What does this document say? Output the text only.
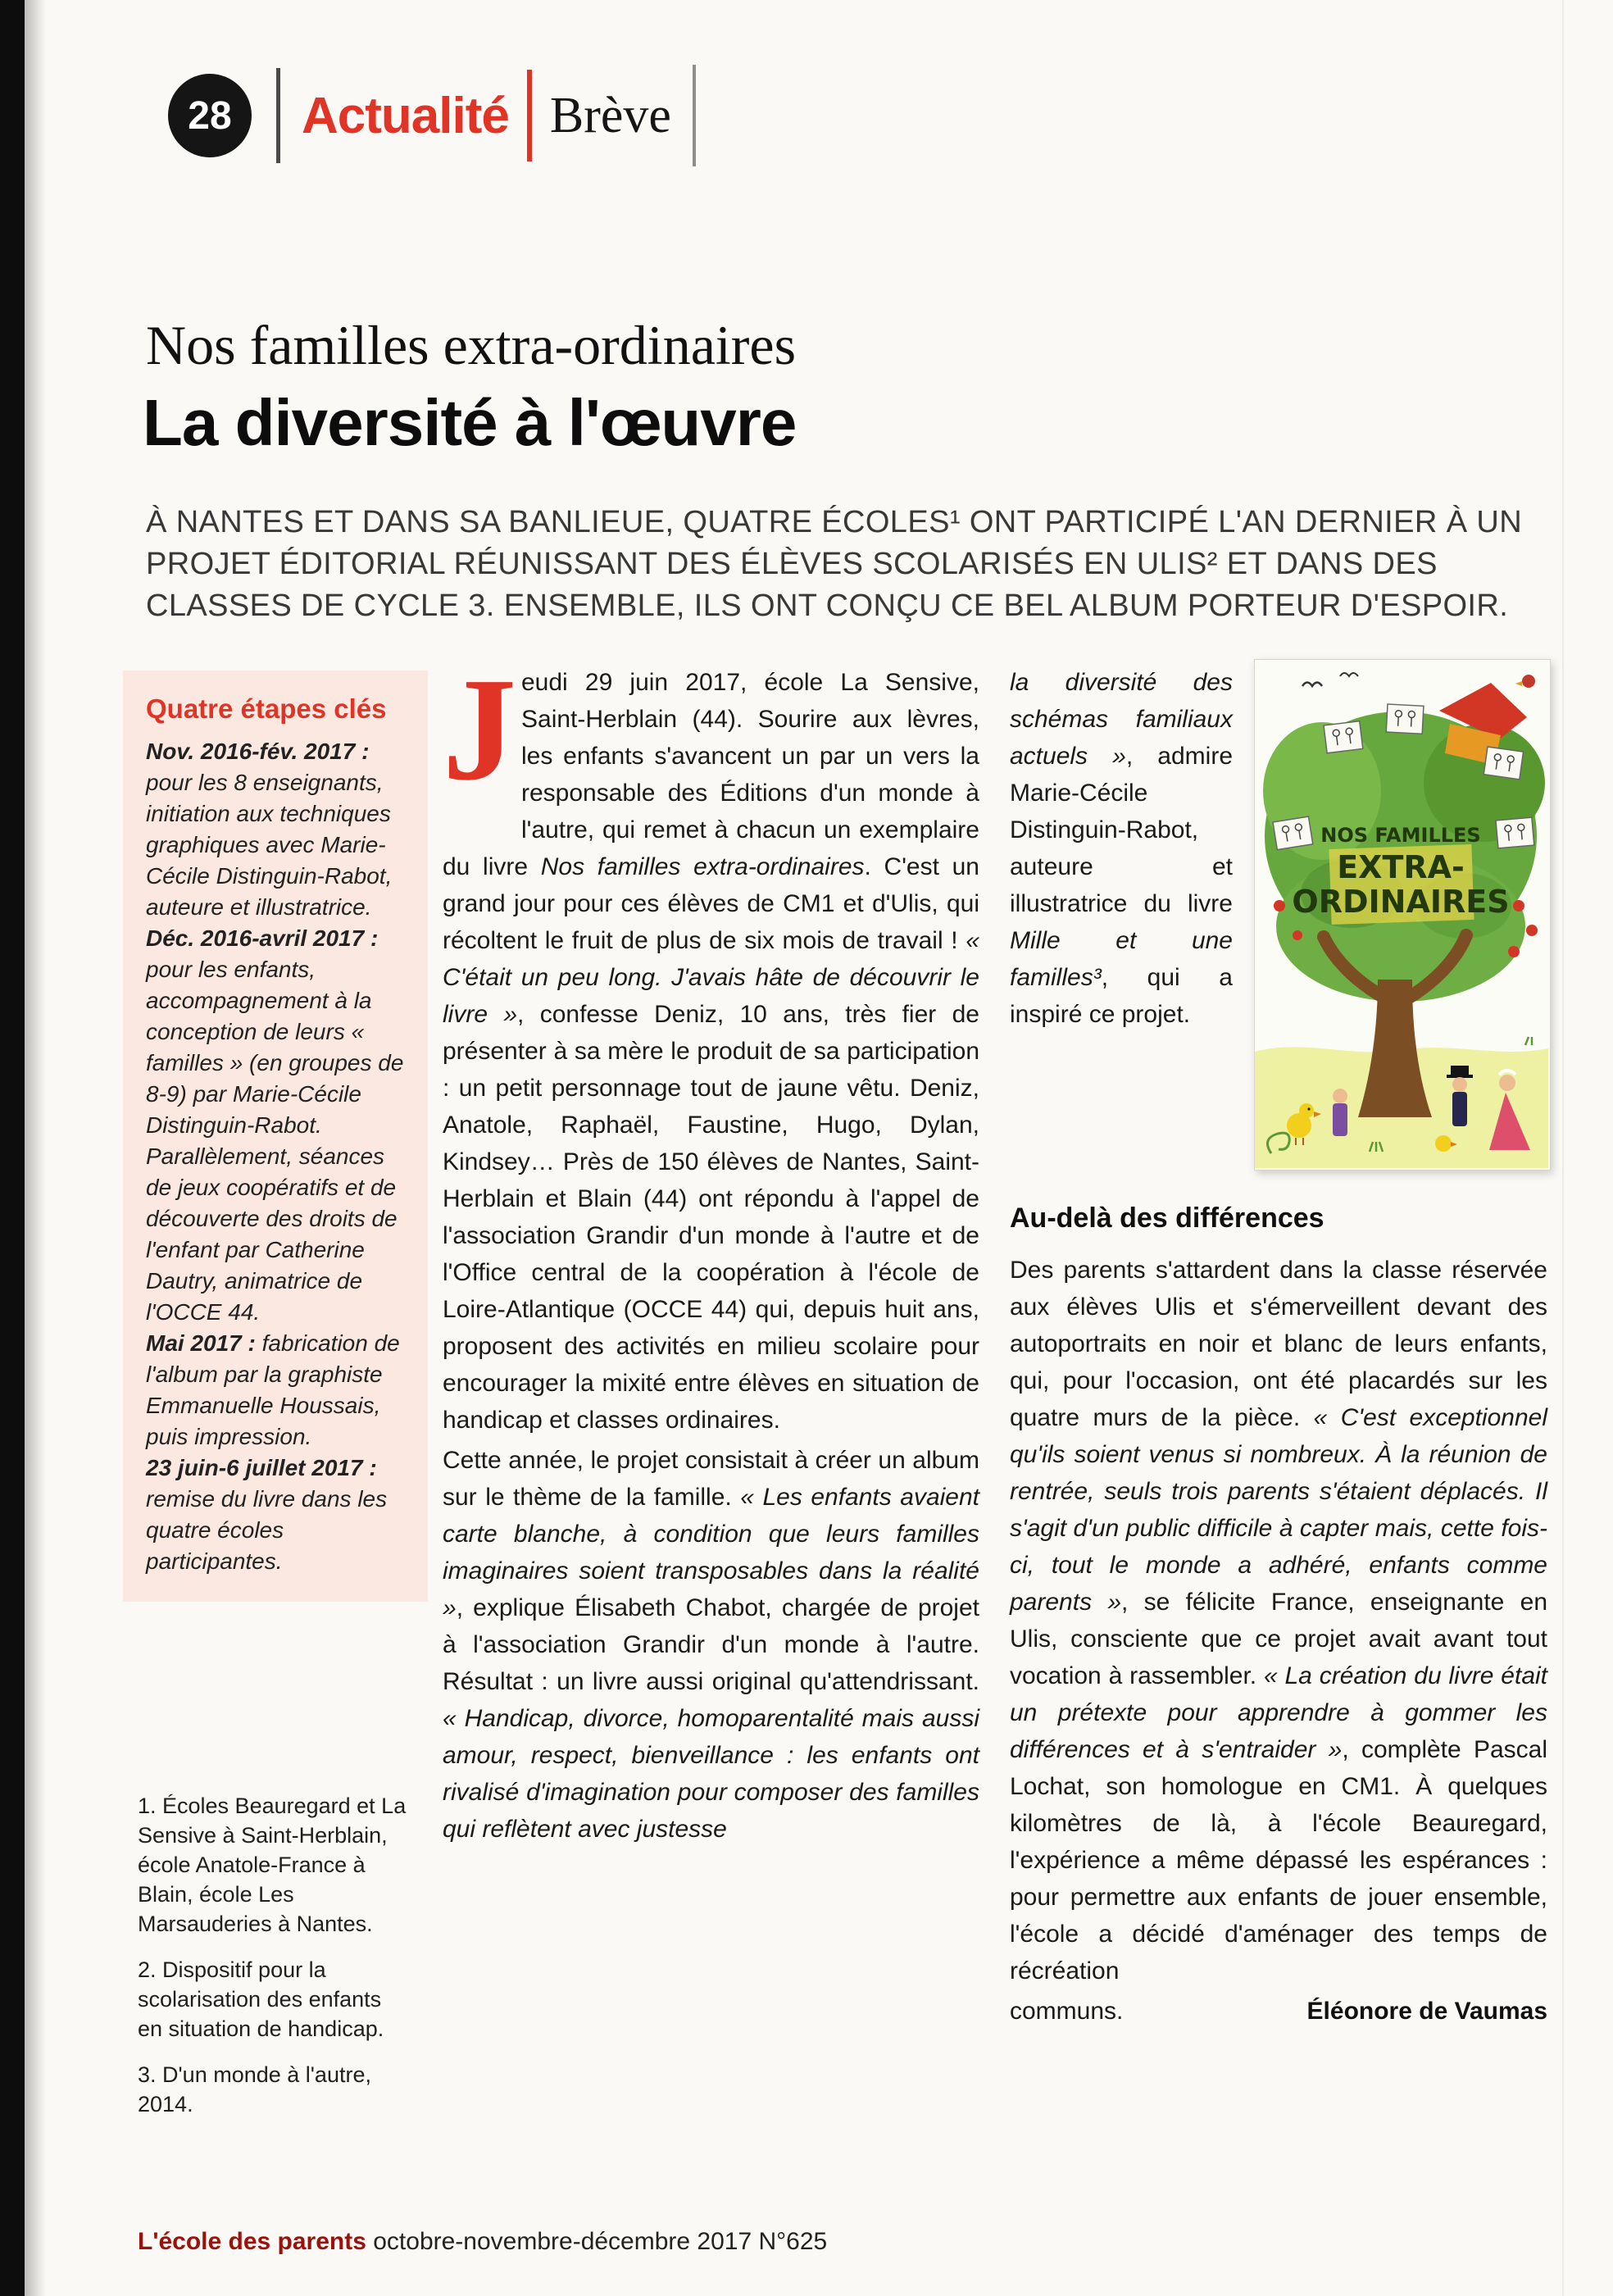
28 Actualité Brève
Nos familles extra-ordinaires
La diversité à l'œuvre
À NANTES ET DANS SA BANLIEUE, QUATRE ÉCOLES¹ ONT PARTICIPÉ L'AN DERNIER À UN PROJET ÉDITORIAL RÉUNISSANT DES ÉLÈVES SCOLARISÉS EN ULIS² ET DANS DES CLASSES DE CYCLE 3. ENSEMBLE, ILS ONT CONÇU CE BEL ALBUM PORTEUR D'ESPOIR.
Quatre étapes clés

Nov. 2016-fév. 2017 : pour les 8 enseignants, initiation aux techniques graphiques avec Marie-Cécile Distinguin-Rabot, auteure et illustratrice.

Déc. 2016-avril 2017 : pour les enfants, accompagnement à la conception de leurs « familles » (en groupes de 8-9) par Marie-Cécile Distinguin-Rabot. Parallèlement, séances de jeux coopératifs et de découverte des droits de l'enfant par Catherine Dautry, animatrice de l'OCCE 44.

Mai 2017 : fabrication de l'album par la graphiste Emmanuelle Houssais, puis impression.

23 juin-6 juillet 2017 : remise du livre dans les quatre écoles participantes.

1. Écoles Beauregard et La Sensive à Saint-Herblain, école Anatole-France à Blain, école Les Marsauderies à Nantes.

2. Dispositif pour la scolarisation des enfants en situation de handicap.

3. D'un monde à l'autre, 2014.

Jeudi 29 juin 2017, école La Sensive, Saint-Herblain (44). Sourire aux lèvres, les enfants s'avancent un par un vers la responsable des Éditions d'un monde à l'autre, qui remet à chacun un exemplaire du livre Nos familles extra-ordinaires. C'est un grand jour pour ces élèves de CM1 et d'Ulis, qui récoltent le fruit de plus de six mois de travail ! « C'était un peu long. J'avais hâte de découvrir le livre », confesse Deniz, 10 ans, très fier de présenter à sa mère le produit de sa participation : un petit personnage tout de jaune vêtu. Deniz, Anatole, Raphaël, Faustine, Hugo, Dylan, Kindsey… Près de 150 élèves de Nantes, Saint-Herblain et Blain (44) ont répondu à l'appel de l'association Grandir d'un monde à l'autre et de l'Office central de la coopération à l'école de Loire-Atlantique (OCCE 44) qui, depuis huit ans, proposent des activités en milieu scolaire pour encourager la mixité entre élèves en situation de handicap et classes ordinaires.

Cette année, le projet consistait à créer un album sur le thème de la famille. « Les enfants avaient carte blanche, à condition que leurs familles imaginaires soient transposables dans la réalité », explique Élisabeth Chabot, chargée de projet à l'association Grandir d'un monde à l'autre. Résultat : un livre aussi original qu'attendrissant. « Handicap, divorce, homoparentalité mais aussi amour, respect, bienveillance : les enfants ont rivalisé d'imagination pour composer des familles qui reflètent avec justesse

NOS FAMILLES
EXTRA-
ORDINAIRES

la diversité des schémas familiaux actuels », admire Marie-Cécile Distinguin-Rabot, auteure et illustratrice du livre Mille et une familles³, qui a inspiré ce projet.

Au-delà des différences

Des parents s'attardent dans la classe réservée aux élèves Ulis et s'émerveillent devant des autoportraits en noir et blanc de leurs enfants, qui, pour l'occasion, ont été placardés sur les quatre murs de la pièce. « C'est exceptionnel qu'ils soient venus si nombreux. À la réunion de rentrée, seuls trois parents s'étaient déplacés. Il s'agit d'un public difficile à capter mais, cette fois-ci, tout le monde a adhéré, enfants comme parents », se félicite France, enseignante en Ulis, consciente que ce projet avait avant tout vocation à rassembler. « La création du livre était un prétexte pour apprendre à gommer les différences et à s'entraider », complète Pascal Lochat, son homologue en CM1. À quelques kilomètres de là, à l'école Beauregard, l'expérience a même dépassé les espérances : pour permettre aux enfants de jouer ensemble, l'école a décidé d'aménager des temps de récréation

communs.	Éléonore de Vaumas
L'école des parents octobre-novembre-décembre 2017 N°625
